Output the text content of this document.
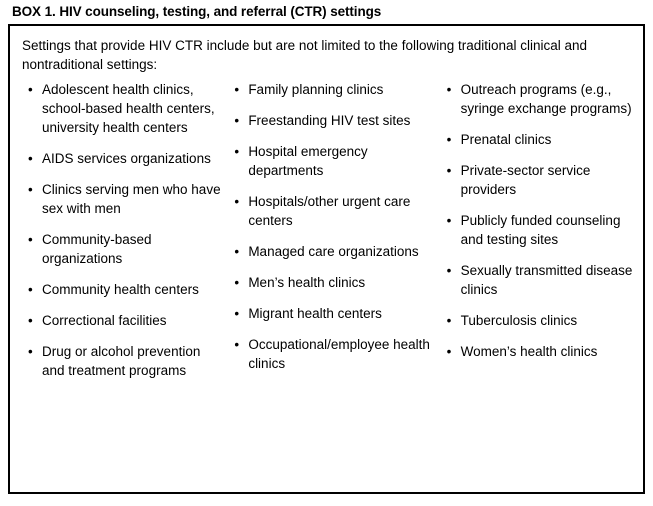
BOX 1. HIV counseling, testing, and referral (CTR) settings
Settings that provide HIV CTR include but are not limited to the following traditional clinical and nontraditional settings:
• Adolescent health clinics, school-based health centers, university health centers
• AIDS services organizations
• Clinics serving men who have sex with men
• Community-based organizations
• Community health centers
• Correctional facilities
• Drug or alcohol prevention and treatment programs
• Family planning clinics
• Freestanding HIV test sites
• Hospital emergency departments
• Hospitals/other urgent care centers
• Managed care organizations
• Men’s health clinics
• Migrant health centers
• Occupational/employee health clinics
• Outreach programs (e.g., syringe exchange programs)
• Prenatal clinics
• Private-sector service providers
• Publicly funded counseling and testing sites
• Sexually transmitted disease clinics
• Tuberculosis clinics
• Women’s health clinics
